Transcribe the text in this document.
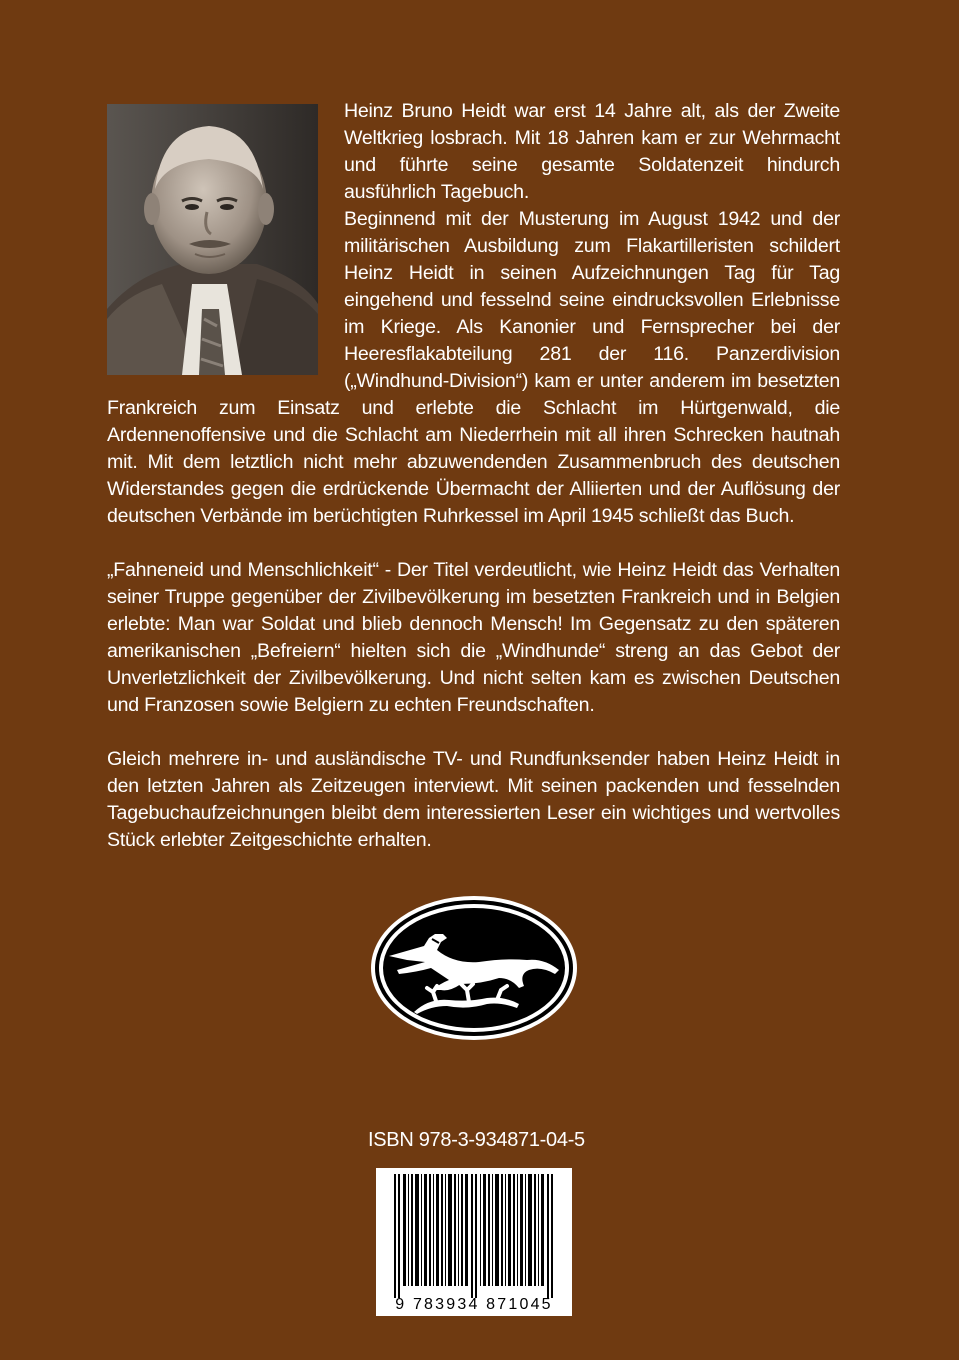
Heinz Bruno Heidt war erst 14 Jahre alt, als der Zweite Weltkrieg losbrach. Mit 18 Jahren kam er zur Wehrmacht und führte seine gesamte Soldatenzeit hindurch ausführlich Tagebuch.

Beginnend mit der Musterung im August 1942 und der militärischen Ausbildung zum Flakartilleristen schildert Heinz Heidt in seinen Aufzeichnungen Tag für Tag eingehend und fesselnd seine eindrucksvollen Erlebnisse im Kriege. Als Kanonier und Fernsprecher bei der Heeresflakabteilung 281 der 116. Panzerdivision („Windhund-Division“) kam er unter anderem im besetzten Frankreich zum Einsatz und erlebte die Schlacht im Hürtgenwald, die Ardennenoffensive und die Schlacht am Niederrhein mit all ihren Schrecken hautnah mit. Mit dem letztlich nicht mehr abzuwendenden Zusammenbruch des deutschen Widerstandes gegen die erdrückende Übermacht der Alliierten und der Auflösung der deutschen Verbände im berüchtigten Ruhrkessel im April 1945 schließt das Buch.

„Fahneneid und Menschlichkeit“ - Der Titel verdeutlicht, wie Heinz Heidt das Verhalten seiner Truppe gegenüber der Zivilbevölkerung im besetzten Frankreich und in Belgien erlebte: Man war Soldat und blieb dennoch Mensch! Im Gegensatz zu den späteren amerikanischen „Befreiern“ hielten sich die „Windhunde“ streng an das Gebot der Unverletzlichkeit der Zivilbevölkerung. Und nicht selten kam es zwischen Deutschen und Franzosen sowie Belgiern zu echten Freundschaften.

Gleich mehrere in- und ausländische TV- und Rundfunksender haben Heinz Heidt in den letzten Jahren als Zeitzeugen interviewt. Mit seinen packenden und fesselnden Tagebuchaufzeichnungen bleibt dem interessierten Leser ein wichtiges und wertvolles Stück erlebter Zeitgeschichte erhalten.

ISBN 978-3-934871-04-5
9 783934 871045
